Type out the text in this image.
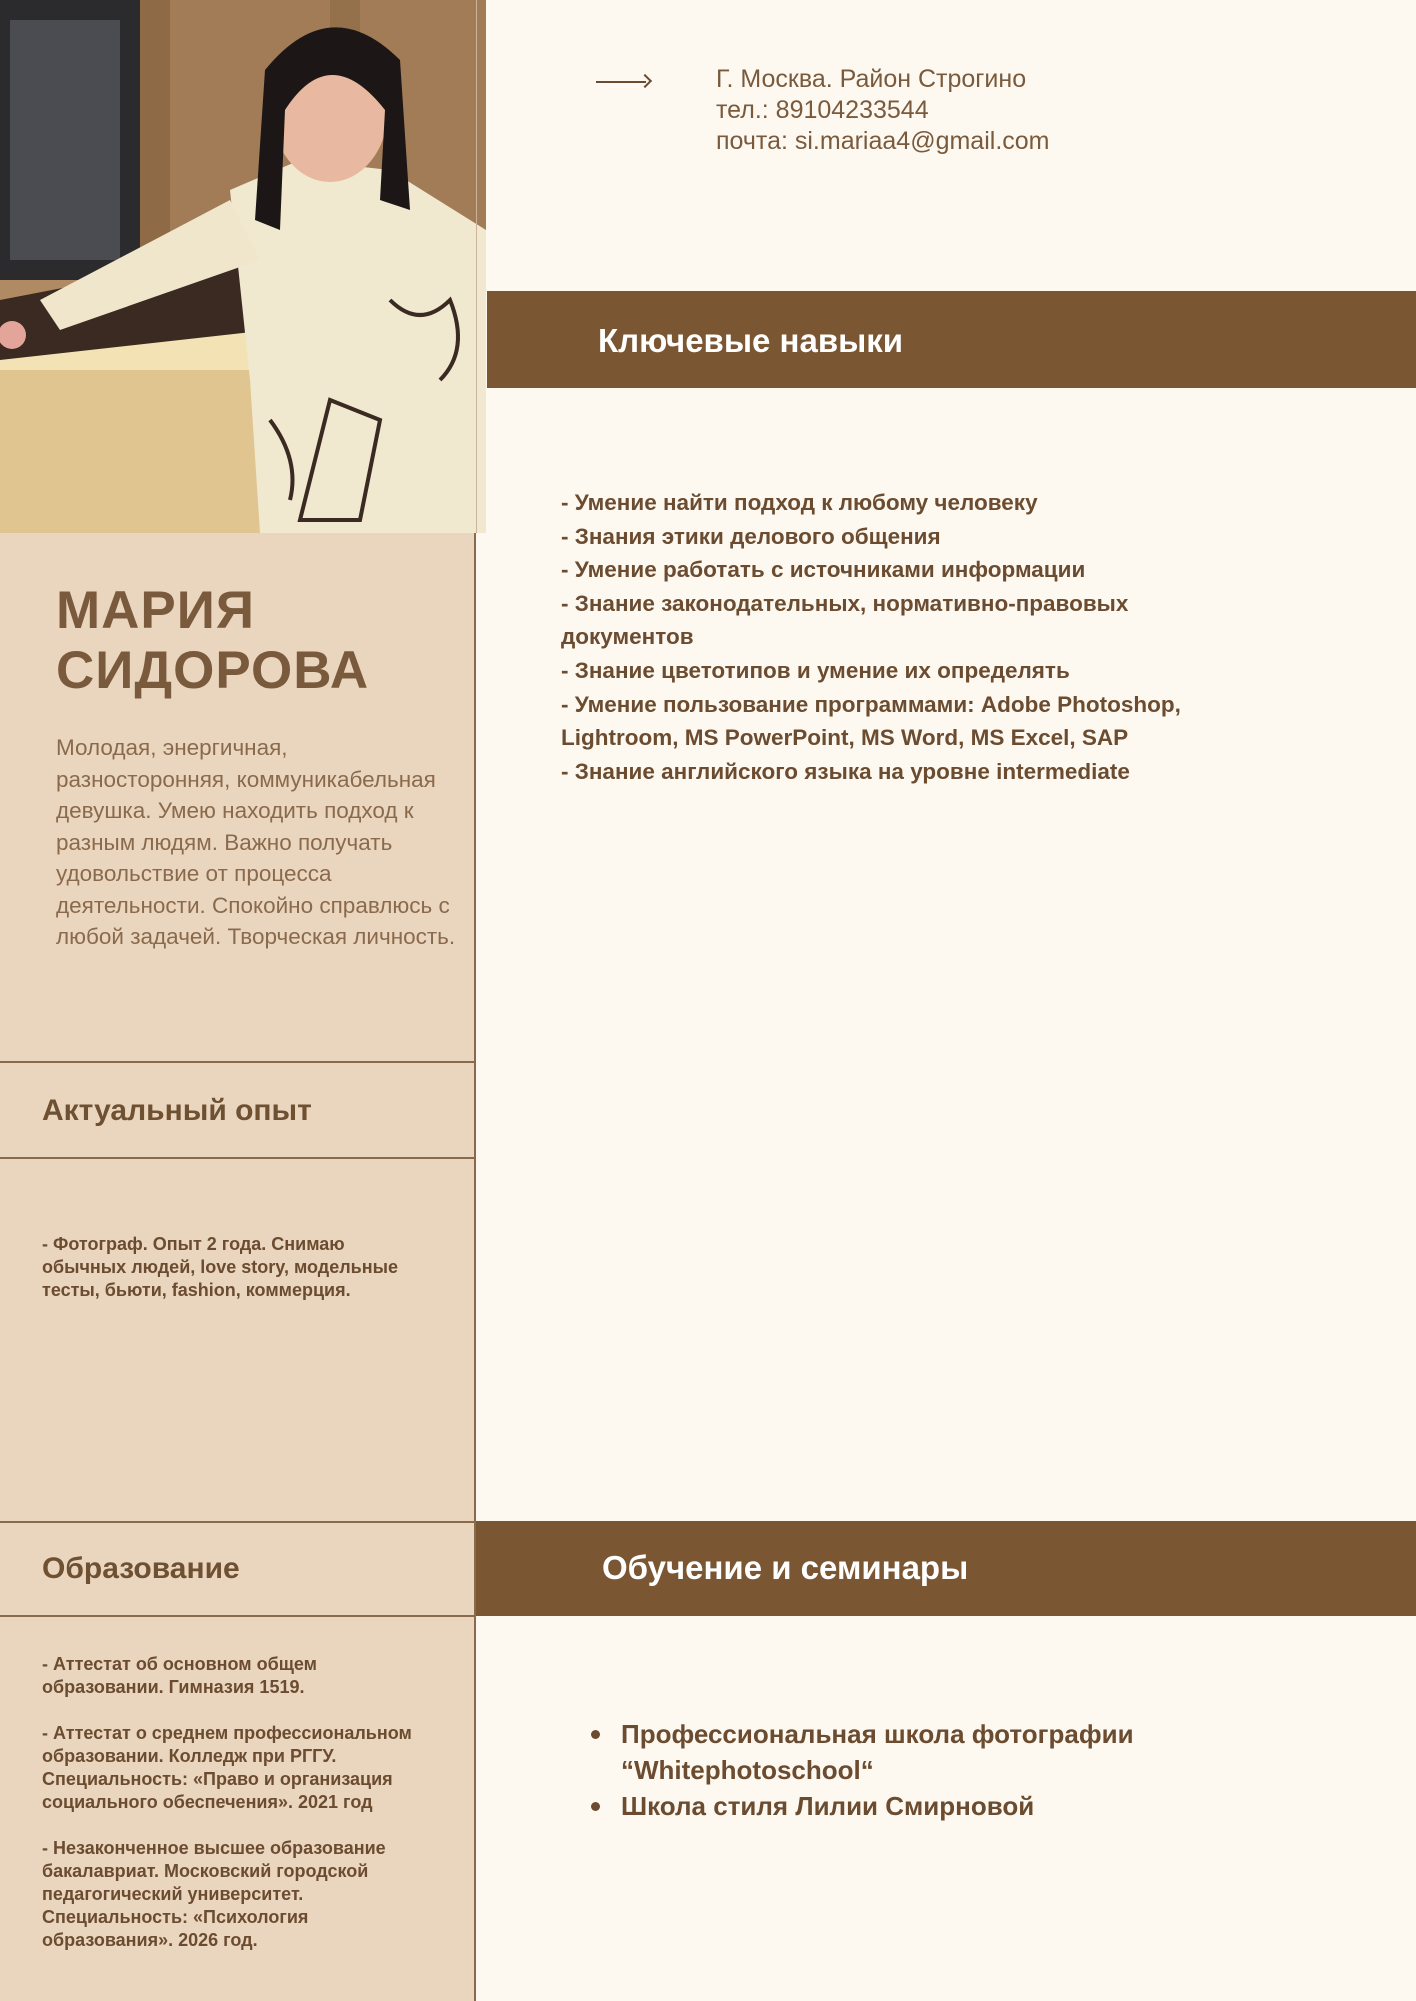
Г. Москва. Район Строгино
тел.: 89104233544
почта: si.mariaa4@gmail.com
Ключевые навыки
- Умение найти подход к любому человеку
- Знания этики делового общения
- Умение работать с источниками информации
- Знание законодательных, нормативно-правовых документов
- Знание цветотипов и умение их определять
- Умение пользование программами: Adobe Photoshop, Lightroom, MS PowerPoint, MS Word, MS Excel, SAP
- Знание английского языка на уровне intermediate
МАРИЯ
СИДОРОВА
Молодая, энергичная, разносторонняя, коммуникабельная девушка. Умею находить подход к разным людям. Важно получать удовольствие от процесса деятельности. Спокойно справлюсь с любой задачей. Творческая личность.
Актуальный опыт
- Фотограф. Опыт 2 года. Снимаю обычных людей, love story, модельные тесты, бьюти, fashion, коммерция.
Образование

- Аттестат об основном общем образовании. Гимназия 1519.

- Аттестат о среднем профессиональном образовании. Колледж при РГГУ. Специальность: «Право и организация социального обеспечения». 2021 год

- Незаконченное высшее образование бакалавриат. Московский городской педагогический университет. Специальность: «Психология образования». 2026 год.

Обучение и семинары
Профессиональная школа фотографии “Whitephotoschool“
Школа стиля Лилии Смирновой
